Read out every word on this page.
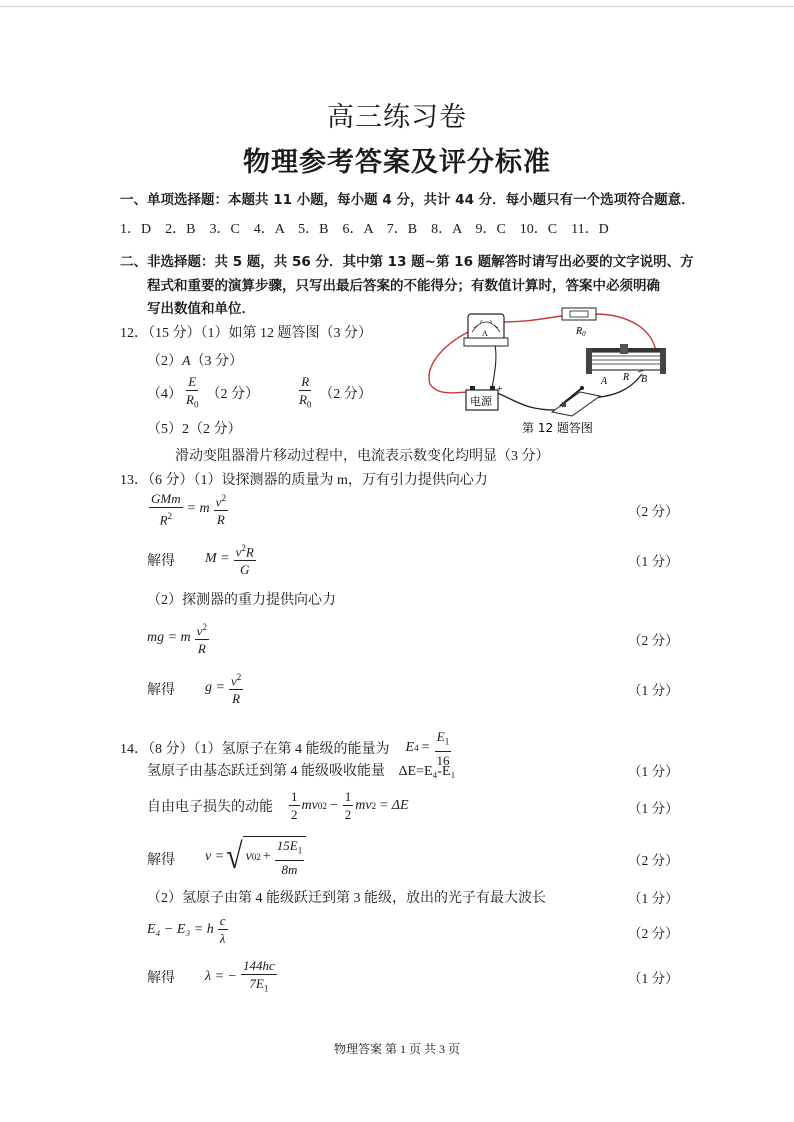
高三练习卷
物理参考答案及评分标准
一、单项选择题：本题共 11 小题，每小题 4 分，共计 44 分．每小题只有一个选项符合题意．
1．D　2．B　3．C　4．A　5．B　6．A　7．B　8．A　9．C　10．C　11．D
二、非选择题：共 5 题，共 56 分．其中第 13 题~第 16 题解答时请写出必要的文字说明、方
程式和重要的演算步骤，只写出最后答案的不能得分；有数值计算时，答案中必须明确
写出数值和单位．
12．（15 分）（1）如第 12 题答图（3 分）
（2）A（3 分）
$(4) \frac{E}{R_0} (2$ 分）	$\frac{R}{R_0} (2$ 分）
（5）2（2 分）
滑动变阻器滑片移动过程中，电流表示数变化均明显（3 分）
A	$R_0$
A R B
电源
+
第 12 题答图
13．（6 分）（1）设探测器的质量为 m，万有引力提供向心力
$\frac{\text{GMm}}{R^2} = m \frac{v^2}{R}$	（2 分）
解得 $M = \frac{v^2R}{G}$	（1 分）
（2）探测器的重力提供向心力
mg = m $\frac{v^2}{R}$	（2 分）
解得 $g = \frac{v^2}{R}$	（1 分）
14．（8 分）（1）氢原子在第 4 能级的能量为 E $4 = \frac{E_1}{16}$
氢原子由基态跃迁到第 4 能级吸收能量 ΔE=E₄-E₁	（1 分）
自由电子损失的动能 $\frac{1}{2}$ mv 0 $2 - \frac{1}{2}$ mv 2 = ΔE	（1 分）
解得 v = √ v 0 $2 + \frac{15E_1}{8m}$	（2 分）
（2）氢原子由第 4 能级跃迁到第 3 能级，放出的光子有最大波长	（1 分）
E₄ − E₃ = h $\frac{c}{\lambda}$	（2 分）
解得 λ = − $\frac{144hc}{7E_1}$	（1 分）
物理答案 第 1 页 共 3 页
